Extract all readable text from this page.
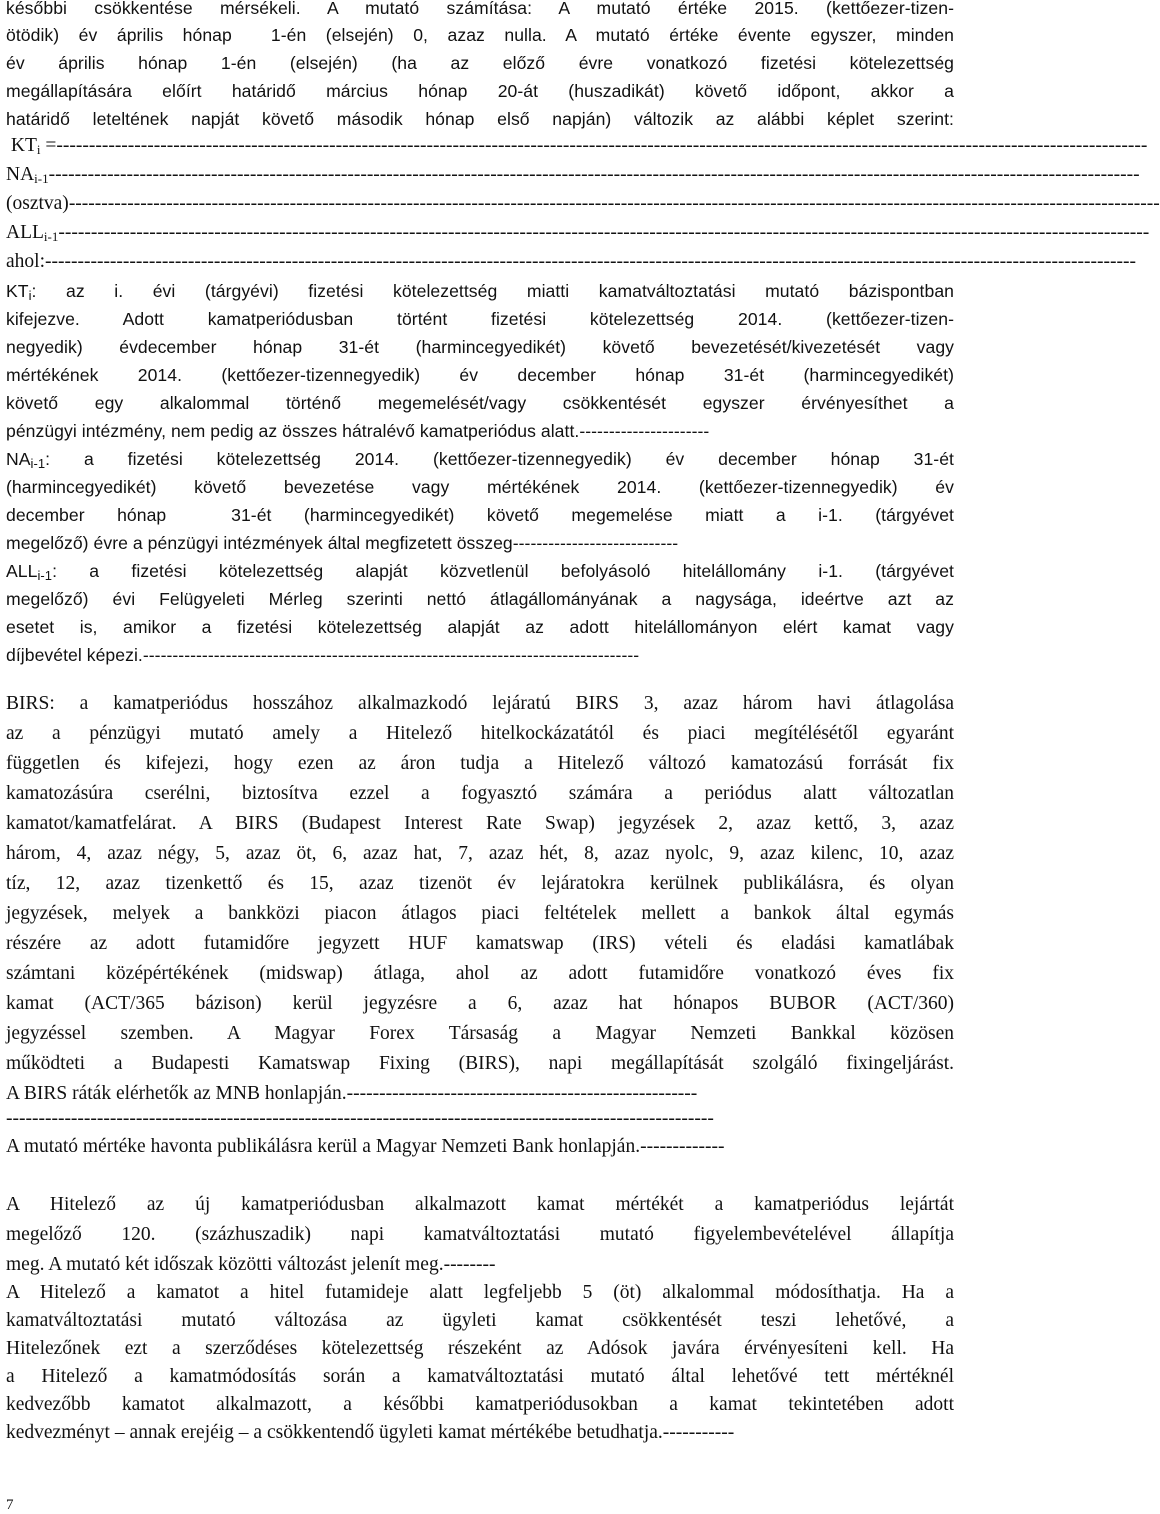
későbbi csökkentése mérsékeli. A mutató számítása: A mutató értéke 2015. (kettőezer-tizen-
ötödik) év április hónap  1-én (elsején) 0, azaz nulla. A mutató értéke évente egyszer, minden
év április hónap 1-én (elsején) (ha az előző évre vonatkozó fizetési kötelezettség
megállapítására előírt határidő március hónap 20-át (huszadikát) követő időpont, akkor a
határidő leteltének napját követő második hónap első napján) változik az alábbi képlet szerint:
$KT_i$ = ------------------------------------------------------------------------------------------------------------------------------------------------------------------------
$NA_{i-1}$ ------------------------------------------------------------------------------------------------------------------------------------------------------------------------
(osztva) ------------------------------------------------------------------------------------------------------------------------------------------------------------------------
$ALL_{i-1}$ ------------------------------------------------------------------------------------------------------------------------------------------------------------------------
ahol: ------------------------------------------------------------------------------------------------------------------------------------------------------------------------
$KT_i$: az i. évi (tárgyévi) fizetési kötelezettség miatti kamatváltoztatási mutató bázispontban
kifejezve. Adott kamatperiódusban történt fizetési kötelezettség 2014. (kettőezer-tizen-
negyedik) évdecember hónap 31-ét (harmincegyedikét) követő bevezetését/kivezetését vagy
mértékének 2014. (kettőezer-tizennegyedik) év december hónap 31-ét (harmincegyedikét)
követő egy alkalommal történő megemelését/vagy csökkentését egyszer érvényesíthet a
pénzügyi intézmény, nem pedig az összes hátralévő kamatperiódus alatt.----------------------
$NA_{i-1}$: a fizetési kötelezettség 2014. (kettőezer-tizennegyedik) év december hónap 31-ét
(harmincegyedikét) követő bevezetése vagy mértékének 2014. (kettőezer-tizennegyedik) év
december hónap  31-ét (harmincegyedikét) követő megemelése miatt a i-1. (tárgyévet
megelőző) évre a pénzügyi intézmények által megfizetett összeg----------------------------
$ALL_{i-1}$: a fizetési kötelezettség alapját közvetlenül befolyásoló hitelállomány i-1. (tárgyévet
megelőző) évi Felügyeleti Mérleg szerinti nettó átlagállományának a nagysága, ideértve azt az
esetet is, amikor a fizetési kötelezettség alapját az adott hitelállományon elért kamat vagy
díjbevétel képezi.------------------------------------------------------------------------------------
BIRS: a kamatperiódus hosszához alkalmazkodó lejáratú BIRS 3, azaz három havi átlagolása
az a pénzügyi mutató amely a Hitelező hitelkockázatától és piaci megítélésétől egyaránt
független és kifejezi, hogy ezen az áron tudja a Hitelező változó kamatozású forrását fix
kamatozásúra cserélni, biztosítva ezzel a fogyasztó számára a periódus alatt változatlan
kamatot/kamatfelárat. A BIRS (Budapest Interest Rate Swap) jegyzések 2, azaz kettő, 3, azaz
három, 4, azaz négy, 5, azaz öt, 6, azaz hat, 7, azaz hét, 8, azaz nyolc, 9, azaz kilenc, 10, azaz
tíz, 12, azaz tizenkettő és 15, azaz tizenöt év lejáratokra kerülnek publikálásra, és olyan
jegyzések, melyek a bankközi piacon átlagos piaci feltételek mellett a bankok által egymás
részére az adott futamidőre jegyzett HUF kamatswap (IRS) vételi és eladási kamatlábak
számtani középértékének (midswap) átlaga, ahol az adott futamidőre vonatkozó éves fix
kamat (ACT/365 bázison) kerül jegyzésre a 6, azaz hat hónapos BUBOR (ACT/360)
jegyzéssel szemben. A Magyar Forex Társaság a Magyar Nemzeti Bankkal közösen
működteti a Budapesti Kamatswap Fixing (BIRS), napi megállapítását szolgáló fixingeljárást.
A BIRS ráták elérhetők az MNB honlapján.------------------------------------------------------
-------------------------------------------------------------------------------------------------------------
A mutató mértéke havonta publikálásra kerül a Magyar Nemzeti Bank honlapján.-------------
A Hitelező az új kamatperiódusban alkalmazott kamat mértékét a kamatperiódus lejártát
megelőző 120. (százhuszadik) napi kamatváltoztatási mutató figyelembevételével állapítja
meg. A mutató két időszak közötti változást jelenít meg.--------
A Hitelező a kamatot a hitel futamideje alatt legfeljebb 5 (öt) alkalommal módosíthatja. Ha a
kamatváltoztatási mutató változása az ügyleti kamat csökkentését teszi lehetővé, a
Hitelezőnek ezt a szerződéses kötelezettség részeként az Adósok javára érvényesíteni kell. Ha
a Hitelező a kamatmódosítás során a kamatváltoztatási mutató által lehetővé tett mértéknél
kedvezőbb kamatot alkalmazott, a későbbi kamatperiódusokban a kamat tekintetében adott
kedvezményt – annak erejéig – a csökkentendő ügyleti kamat mértékébe betudhatja.-----------
7
